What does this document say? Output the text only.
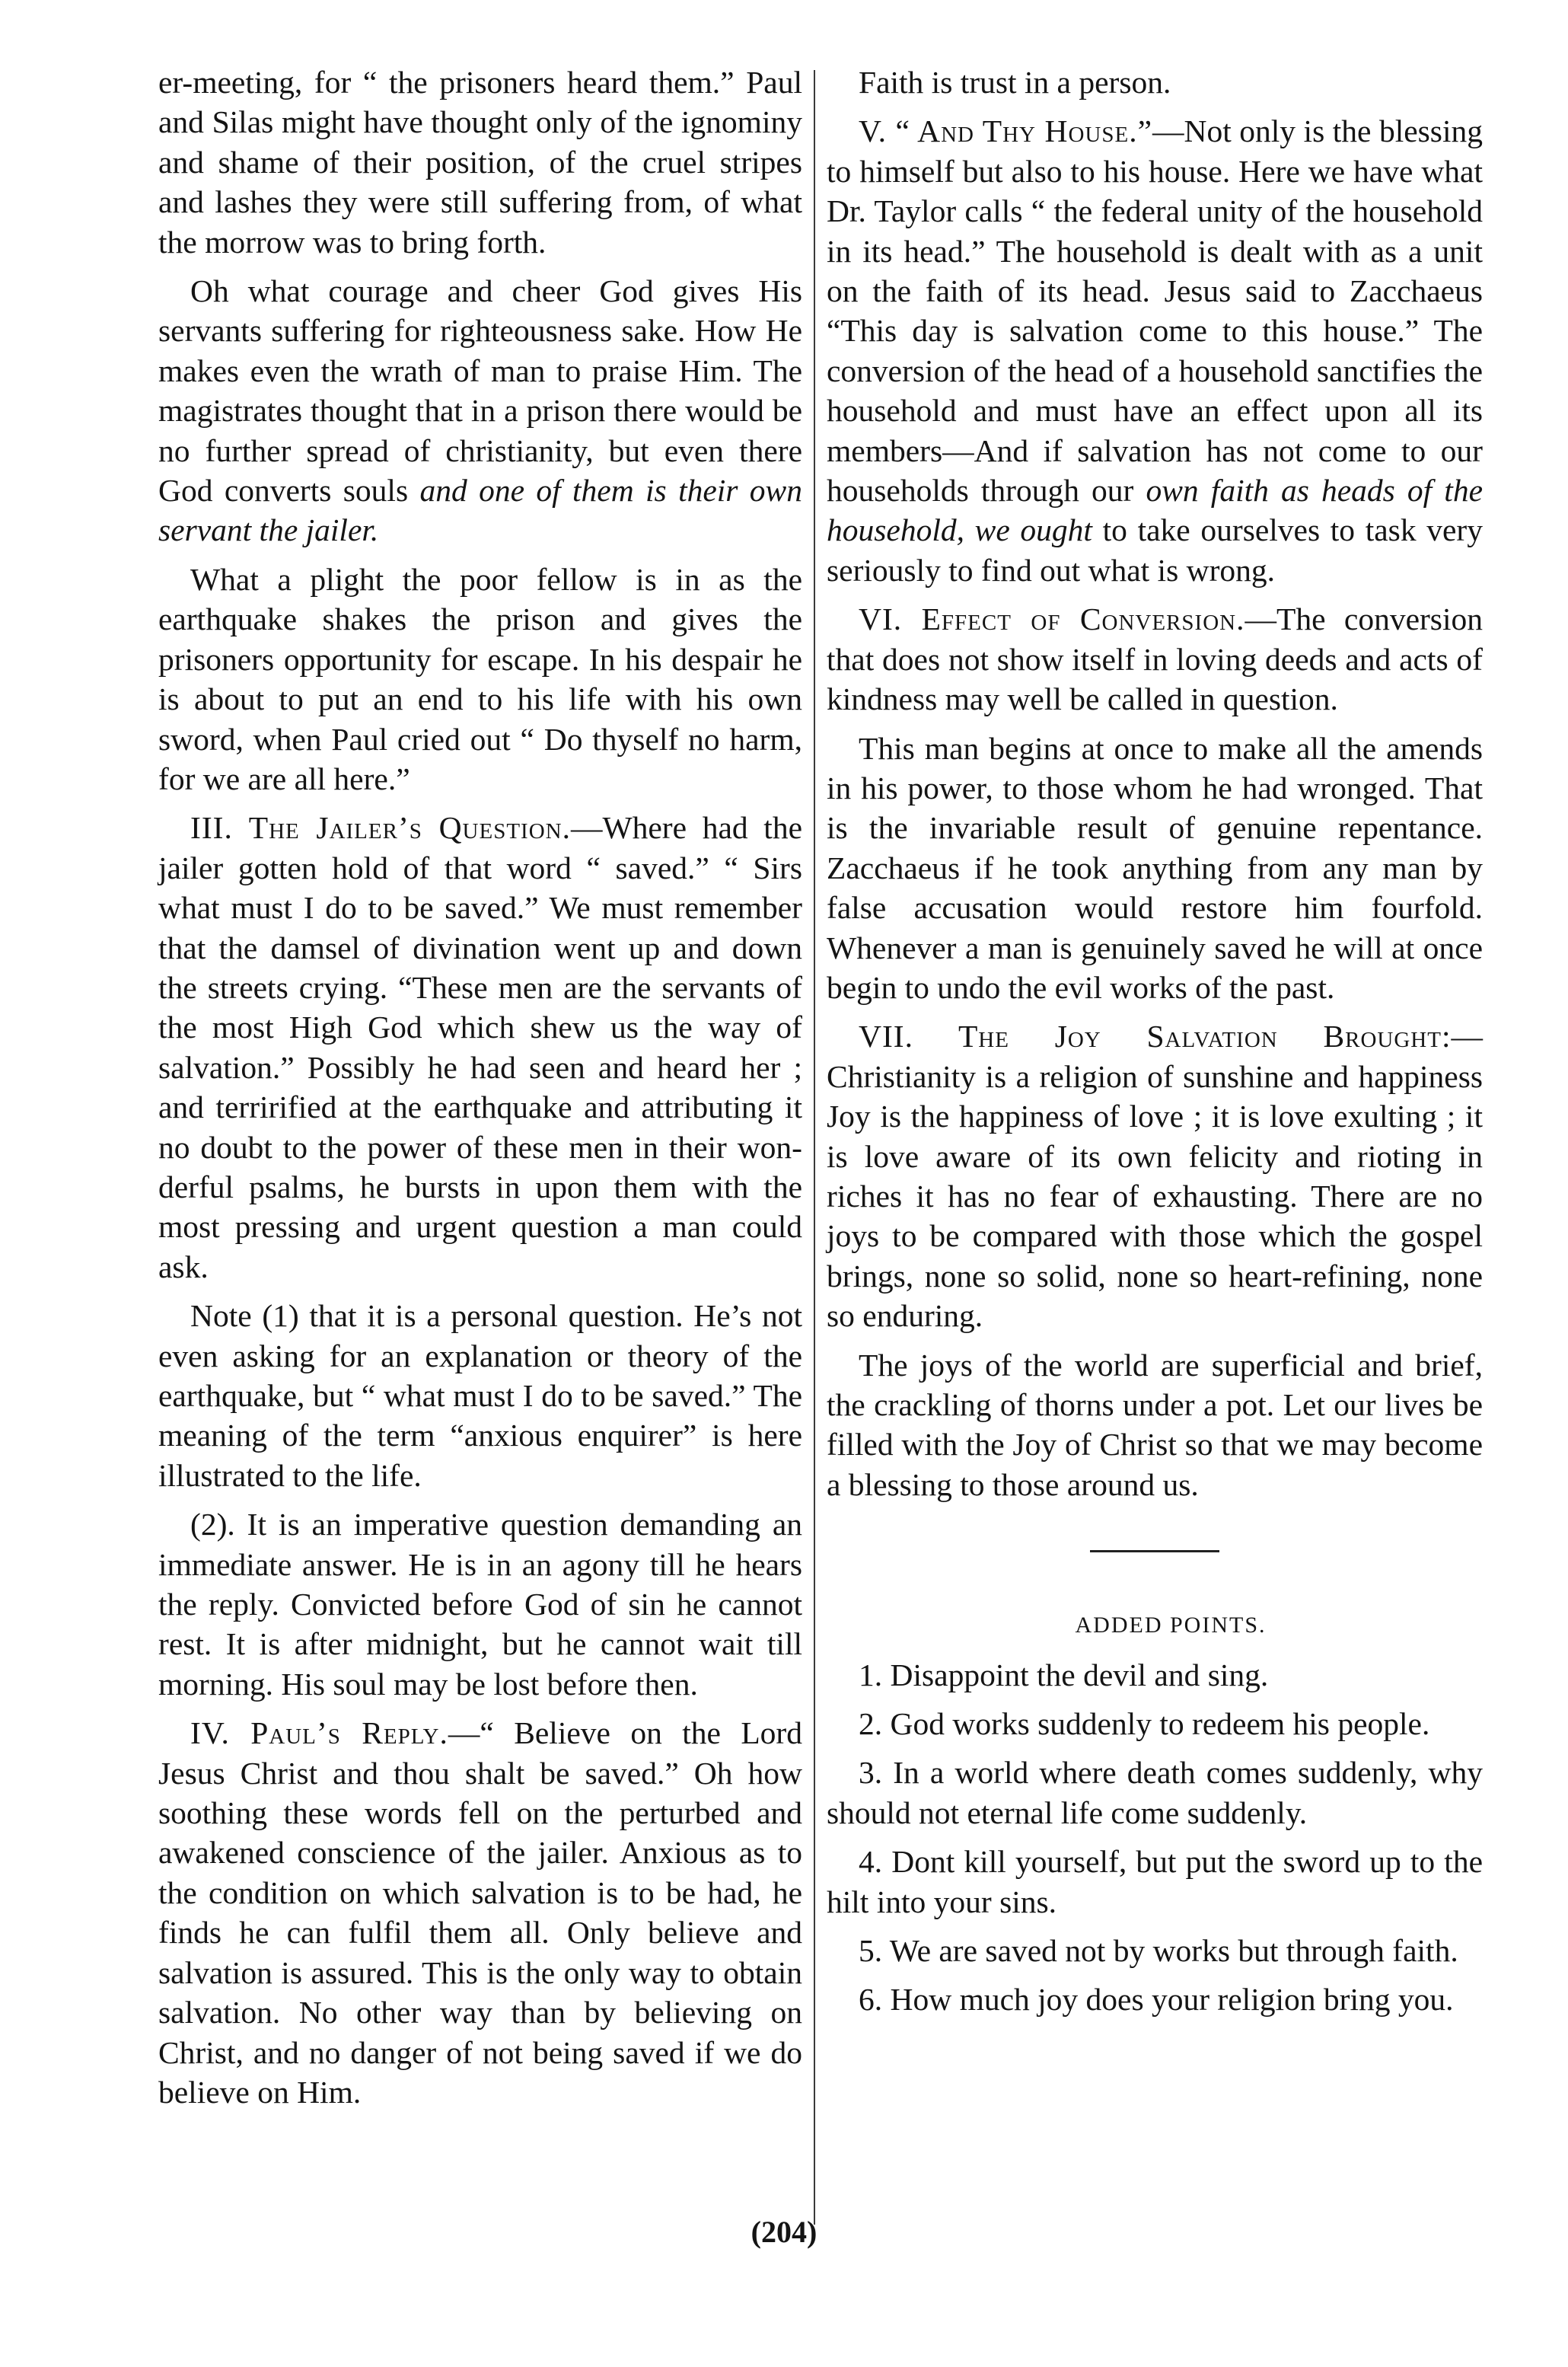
er-meeting, for “ the prisoners heard them.” Paul and Silas might have thought only of the ignominy and shame of their position, of the cruel stripes and lashes they were still suffering from, of what the morrow was to bring forth.

Oh what courage and cheer God gives His servants suffering for righteousness sake. How He makes even the wrath of man to praise Him. The magistrates thought that in a prison there would be no further spread of christianity, but even there God converts souls and one of them is their own servant the jailer.

What a plight the poor fellow is in as the earthquake shakes the prison and gives the prisoners opportunity for escape. In his despair he is about to put an end to his life with his own sword, when Paul cried out “ Do thyself no harm, for we are all here.”

III. The Jailer’s Question.—Where had the jailer gotten hold of that word “ saved.” “ Sirs what must I do to be saved.” We must remember that the damsel of divination went up and down the streets crying. “These men are the servants of the most High God which shew us the way of salvation.” Possibly he had seen and heard her ; and terrirified at the earthquake and attributing it no doubt to the power of these men in their wonderful psalms, he bursts in upon them with the most pressing and urgent question a man could ask.

Note (1) that it is a personal question. He’s not even asking for an explanation or theory of the earthquake, but “ what must I do to be saved.” The meaning of the term “anxious enquirer” is here illustrated to the life.

(2). It is an imperative question demanding an immediate answer. He is in an agony till he hears the reply. Convicted before God of sin he cannot rest. It is after midnight, but he cannot wait till morning. His soul may be lost before then.

IV. Paul’s Reply.—“ Believe on the Lord Jesus Christ and thou shalt be saved.” Oh how soothing these words fell on the perturbed and awakened conscience of the jailer. Anxious as to the condition on which salvation is to be had, he finds he can fulfil them all. Only believe and salvation is assured. This is the only way to obtain salvation. No other way than by believing on Christ, and no danger of not being saved if we do believe on Him.

Faith is trust in a person.

V. “ And Thy House.”—Not only is the blessing to himself but also to his house. Here we have what Dr. Taylor calls “ the federal unity of the household in its head.” The household is dealt with as a unit on the faith of its head. Jesus said to Zacchaeus “This day is salvation come to this house.” The conversion of the head of a household sanctifies the household and must have an effect upon all its members—And if salvation has not come to our households through our own faith as heads of the household, we ought to take ourselves to task very seriously to find out what is wrong.

VI. Effect of Conversion.—The conversion that does not show itself in loving deeds and acts of kindness may well be called in question.

This man begins at once to make all the amends in his power, to those whom he had wronged. That is the invariable result of genuine repentance. Zacchaeus if he took anything from any man by false accusation would restore him fourfold. Whenever a man is genuinely saved he will at once begin to undo the evil works of the past.

VII. The Joy Salvation Brought:— Christianity is a religion of sunshine and happiness Joy is the happiness of love ; it is love exulting ; it is love aware of its own felicity and rioting in riches it has no fear of exhausting. There are no joys to be compared with those which the gospel brings, none so solid, none so heart-refining, none so enduring.

The joys of the world are superficial and brief, the crackling of thorns under a pot. Let our lives be filled with the Joy of Christ so that we may become a blessing to those around us.

ADDED POINTS.

1. Disappoint the devil and sing.

2. God works suddenly to redeem his people.

3. In a world where death comes suddenly, why should not eternal life come suddenly.

4. Dont kill yourself, but put the sword up to the hilt into your sins.

5. We are saved not by works but through faith.

6. How much joy does your religion bring you.

(204)
